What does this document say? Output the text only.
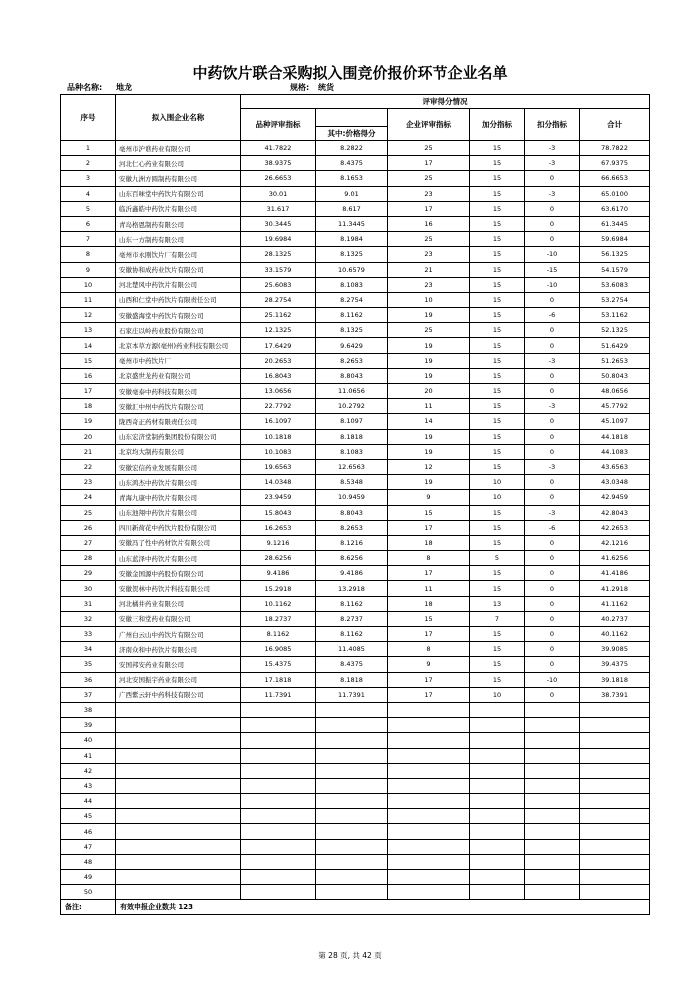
中药饮片联合采购拟入围竞价报价环节企业名单
品种名称: 地龙	规格: 统货
序号	拟入围企业名称	评审得分情况					
		品种评审指标		企业评审指标	加分指标	扣分指标	合计
			其中:价格得分				
1	亳州市沪谯药业有限公司	41.7822	8.2822	25	15	-3	78.7822
2	河北仁心药业有限公司	38.9375	8.4375	17	15	-3	67.9375
3	安徽九洲方圆制药有限公司	26.6653	8.1653	25	15	0	66.6653
4	山东百味堂中药饮片有限公司	30.01	9.01	23	15	-3	65.0100
5	临沂鑫皓中药饮片有限公司	31.617	8.617	17	15	0	63.6170
6	青岛格恩制药有限公司	30.3445	11.3445	16	15	0	61.3445
7	山东一方制药有限公司	19.6984	8.1984	25	15	0	59.6984
8	亳州市永刚饮片厂有限公司	28.1325	8.1325	23	15	-10	56.1325
9	安徽协和成药业饮片有限公司	33.1579	10.6579	21	15	-15	54.1579
10	河北楚风中药饮片有限公司	25.6083	8.1083	23	15	-10	53.6083
11	山西和仁堂中药饮片有限责任公司	28.2754	8.2754	10	15	0	53.2754
12	安徽盛海堂中药饮片有限公司	25.1162	8.1162	19	15	-6	53.1162
13	石家庄以岭药业股份有限公司	12.1325	8.1325	25	15	0	52.1325
14	北京本草方源(亳州)药业科技有限公司	17.6429	9.6429	19	15	0	51.6429
15	亳州市中药饮片厂	20.2653	8.2653	19	15	-3	51.2653
16	北京盛世龙药业有限公司	16.8043	8.8043	19	15	0	50.8043
17	安徽亳泰中药科技有限公司	13.0656	11.0656	20	15	0	48.0656
18	安徽汇中州中药饮片有限公司	22.7792	10.2792	11	15	-3	45.7792
19	陇西奇正药材有限责任公司	16.1097	8.1097	14	15	0	45.1097
20	山东宏济堂制药集团股份有限公司	10.1818	8.1818	19	15	0	44.1818
21	北京均大制药有限公司	10.1083	8.1083	19	15	0	44.1083
22	安徽宏信药业发展有限公司	19.6563	12.6563	12	15	-3	43.6563
23	山东鸿杰中药饮片有限公司	14.0348	8.5348	19	10	0	43.0348
24	青海九康中药饮片有限公司	23.9459	10.9459	9	10	0	42.9459
25	山东池翔中药饮片有限公司	15.8043	8.8043	15	15	-3	42.8043
26	四川新荷花中药饮片股份有限公司	16.2653	8.2653	17	15	-6	42.2653
27	安徽冯了性中药材饮片有限公司	9.1216	8.1216	18	15	0	42.1216
28	山东蓝泽中药饮片有限公司	28.6256	8.6256	8	5	0	41.6256
29	安徽金国源中药股份有限公司	9.4186	9.4186	17	15	0	41.4186
30	安徽贺林中药饮片科技有限公司	15.2918	13.2918	11	15	0	41.2918
31	河北橘井药业有限公司	10.1162	8.1162	18	13	0	41.1162
32	安徽三和堂药业有限公司	18.2737	8.2737	15	7	0	40.2737
33	广州白云山中药饮片有限公司	8.1162	8.1162	17	15	0	40.1162
34	济南众和中药饮片有限公司	16.9085	11.4085	8	15	0	39.9085
35	安国邦安药业有限公司	15.4375	8.4375	9	15	0	39.4375
36	河北安国振宇药业有限公司	17.1818	8.1818	17	15	-10	39.1818
37	广西紫云轩中药科技有限公司	11.7391	11.7391	17	10	0	38.7391
38							
39							
40							
41							
42							
43							
44							
45							
46							
47							
48							
49							
50							
备注:	有效申报企业数共 123						
第 28 页, 共 42 页
